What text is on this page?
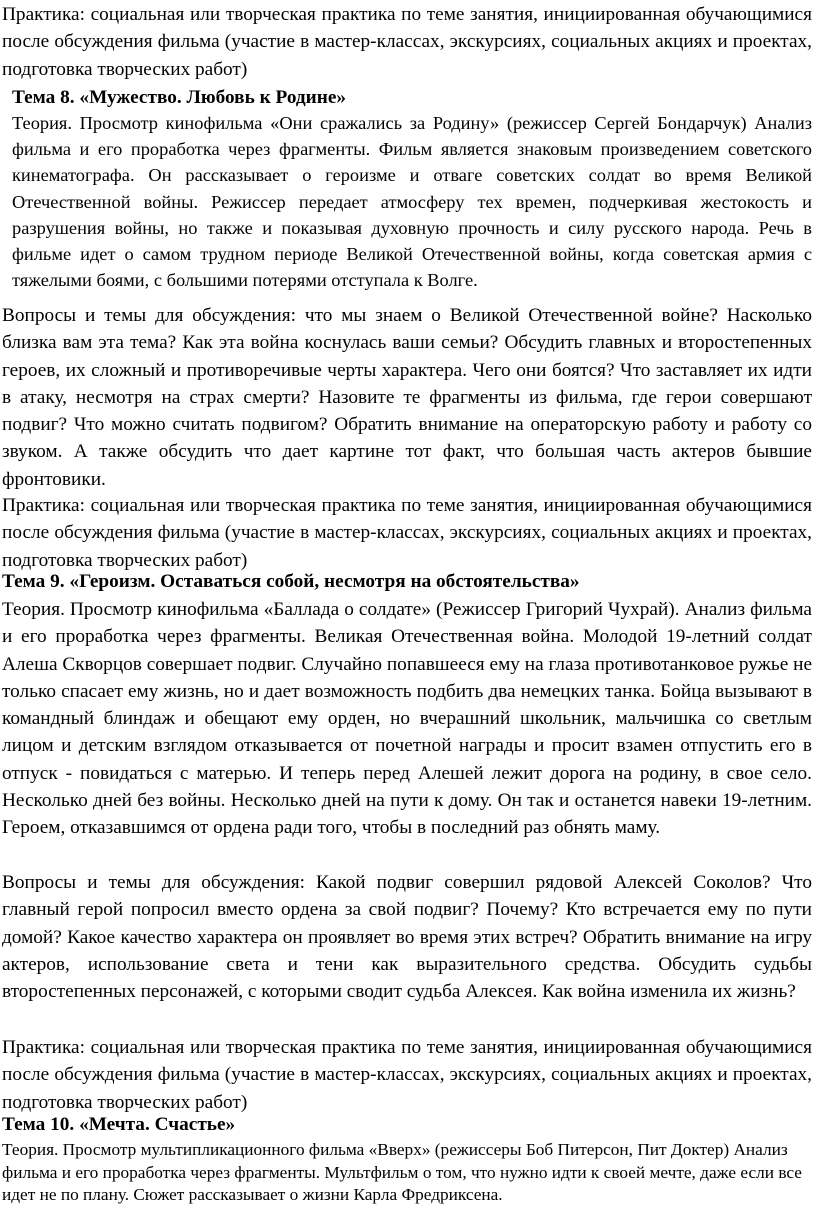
Практика: социальная или творческая практика по теме занятия, инициированная обучающимися после обсуждения фильма (участие в мастер-классах, экскурсиях, социальных акциях и проектах, подготовка творческих работ)

Тема 8. «Мужество. Любовь к Родине»

Теория. Просмотр кинофильма «Они сражались за Родину» (режиссер Сергей Бондарчук) Анализ фильма и его проработка через фрагменты. Фильм является знаковым произведением советского кинематографа. Он рассказывает о героизме и отваге советских солдат во время Великой Отечественной войны. Режиссер передает атмосферу тех времен, подчеркивая жестокость и разрушения войны, но также и показывая духовную прочность и силу русского народа. Речь в фильме идет о самом трудном периоде Великой Отечественной войны, когда советская армия с тяжелыми боями, с большими потерями отступала к Волге.

Вопросы и темы для обсуждения: что мы знаем о Великой Отечественной войне? Насколько близка вам эта тема? Как эта война коснулась ваши семьи? Обсудить главных и второстепенных героев, их сложный и противоречивые черты характера. Чего они боятся? Что заставляет их идти в атаку, несмотря на страх смерти? Назовите те фрагменты из фильма, где герои совершают подвиг? Что можно считать подвигом? Обратить внимание на операторскую работу и работу со звуком. А также обсудить что дает картине тот факт, что большая часть актеров бывшие фронтовики.

Практика: социальная или творческая практика по теме занятия, инициированная обучающимися после обсуждения фильма (участие в мастер-классах, экскурсиях, социальных акциях и проектах, подготовка творческих работ)

Тема 9. «Героизм. Оставаться собой, несмотря на обстоятельства»

Теория. Просмотр кинофильма «Баллада о солдате» (Режиссер Григорий Чухрай). Анализ фильма и его проработка через фрагменты. Великая Отечественная война. Молодой 19-летний солдат Алеша Скворцов совершает подвиг. Случайно попавшееся ему на глаза противотанковое ружье не только спасает ему жизнь, но и дает возможность подбить два немецких танка. Бойца вызывают в командный блиндаж и обещают ему орден, но вчерашний школьник, мальчишка со светлым лицом и детским взглядом отказывается от почетной награды и просит взамен отпустить его в отпуск - повидаться с матерью. И теперь перед Алешей лежит дорога на родину, в свое село. Несколько дней без войны. Несколько дней на пути к дому. Он так и останется навеки 19-летним. Героем, отказавшимся от ордена ради того, чтобы в последний раз обнять маму.

Вопросы и темы для обсуждения: Какой подвиг совершил рядовой Алексей Соколов? Что главный герой попросил вместо ордена за свой подвиг? Почему? Кто встречается ему по пути домой? Какое качество характера он проявляет во время этих встреч? Обратить внимание на игру актеров, использование света и тени как выразительного средства. Обсудить судьбы второстепенных персонажей, с которыми сводит судьба Алексея. Как война изменила их жизнь?

Практика: социальная или творческая практика по теме занятия, инициированная обучающимися после обсуждения фильма (участие в мастер-классах, экскурсиях, социальных акциях и проектах, подготовка творческих работ)

Тема 10. «Мечта. Счастье»

Теория. Просмотр мультипликационного фильма «Вверх» (режиссеры Боб Питерсон, Пит Доктер) Анализ фильма и его проработка через фрагменты. Мультфильм о том, что нужно идти к своей мечте, даже если все идет не по плану. Сюжет рассказывает о жизни Карла Фредриксена.
